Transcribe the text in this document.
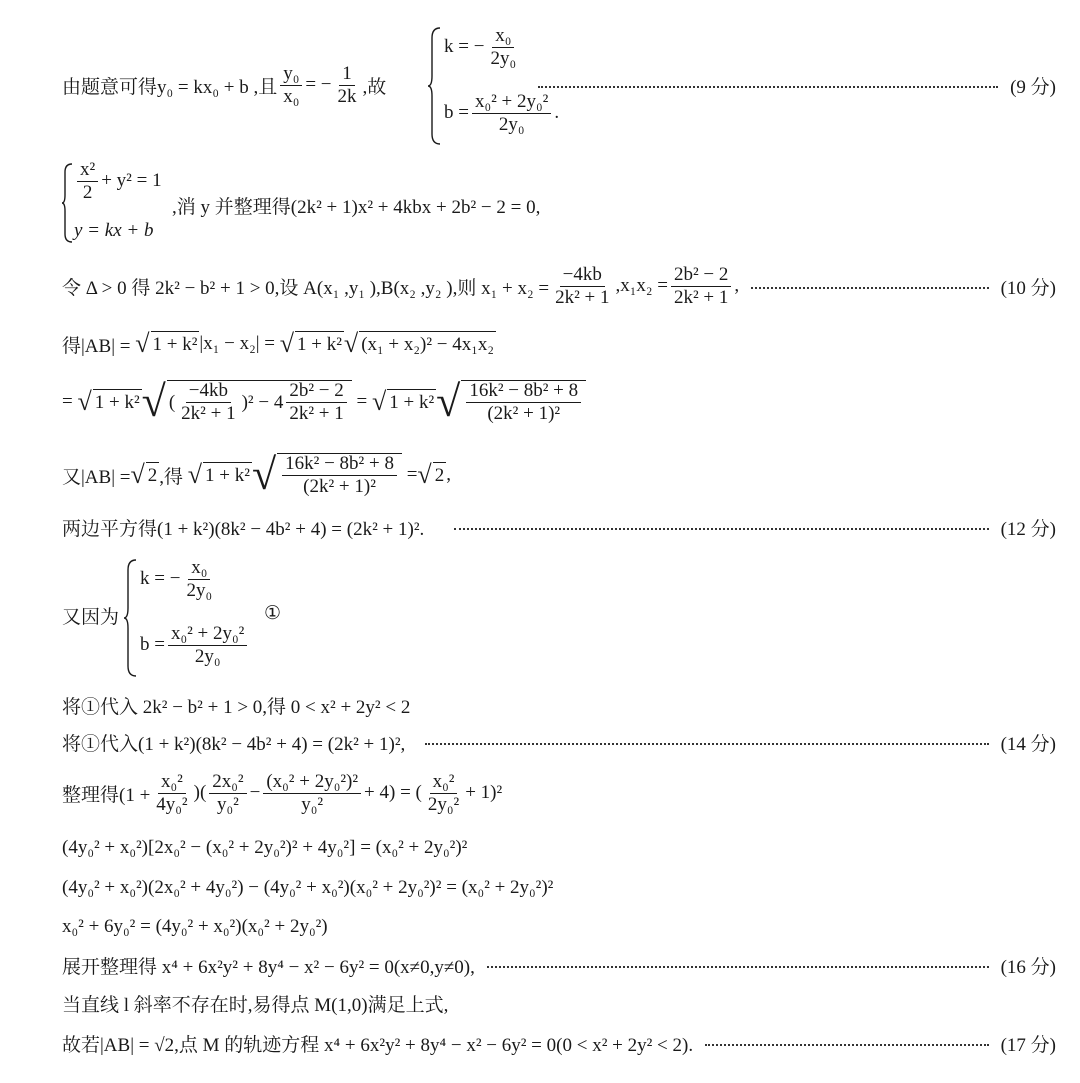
由题意可得 y₀ = kx₀ + b ,且 $\frac{\text{y₀}}{\text{x₀}}$ = − $\frac{1}{2k}$ ,故	(9 分)
k = − $\frac{\text{x₀}}{\text{2y₀}}$
$b = \frac{\text{x₀² + 2y₀²}}{\text{2y₀}}$ .
$\frac{\text{x²}}{2} + y^2 = 1$
y = kx + b
,消 y 并整理得(2k² + 1)x² + 4kbx + 2b² − 2 = 0,
令 Δ > 0 得 2k² − b² + 1 > 0,设 A(x₁ ,y₁ ),B(x₂ ,y₂ ),则 $x_1 + x_2 = \frac{-4kb}{\text{2k² + 1}} ,x_1x_2 = \frac{\text{2b² − 2}}{\text{2k² + 1}}$ ,	(10 分)
得|AB| =
√ 1 + k² |x₁ − x₂| =
√ 1 + k² √ (x₁ + x₂)² − 4x₁x₂
=
√ 1 + k² √ ( $\frac{-4kb}{\text{2k² + 1}} )^2 - 4 \frac{\text{2b² − 2}}{\text{2k² + 1}}$
=
√ 1 + k² √ $\frac{\text{16k² − 8b² + 8}}{\text{(2k² + 1)²}}$
又|AB| = √ 2 ,得
√ 1 + k² √ $\frac{\text{16k² − 8b² + 8}}{\text{(2k² + 1)²}}$
= √ 2 ,
两边平方得(1 + k²)(8k² − 4b² + 4) = (2k² + 1)².	(12 分)
又因为
k = − $\frac{\text{x₀}}{\text{2y₀}}$
$b = \frac{\text{x₀² + 2y₀²}}{\text{2y₀}}$
①
将①代入 2k² − b² + 1 > 0,得 0 < x² + 2y² < 2
将①代入(1 + k²)(8k² − 4b² + 4) = (2k² + 1)²,	(14 分)
整理得($1 + \frac{\text{x₀²}}{\text{4y₀²}}$ )( $\frac{\text{2x₀²}}{\text{y₀²}} - \frac{\text{(x₀² + 2y₀²)²}}{\text{y₀²}} + 4$) = ( $\frac{\text{x₀²}}{\text{2y₀²}} + 1)^2$
(4y₀² + x₀²)[2x₀² − (x₀² + 2y₀²)² + 4y₀²] = (x₀² + 2y₀²)²
(4y₀² + x₀²)(2x₀² + 4y₀²) − (4y₀² + x₀²)(x₀² + 2y₀²)² = (x₀² + 2y₀²)²
x₀² + 6y₀² = (4y₀² + x₀²)(x₀² + 2y₀²)
展开整理得 x⁴ + 6x²y² + 8y⁴ − x² − 6y² = 0(x≠0,y≠0),	(16 分)
当直线 l 斜率不存在时,易得点 M(1,0)满足上式,
故若|AB| = √2,点 M 的轨迹方程 x⁴ + 6x²y² + 8y⁴ − x² − 6y² = 0(0 < x² + 2y² < 2).	(17 分)
